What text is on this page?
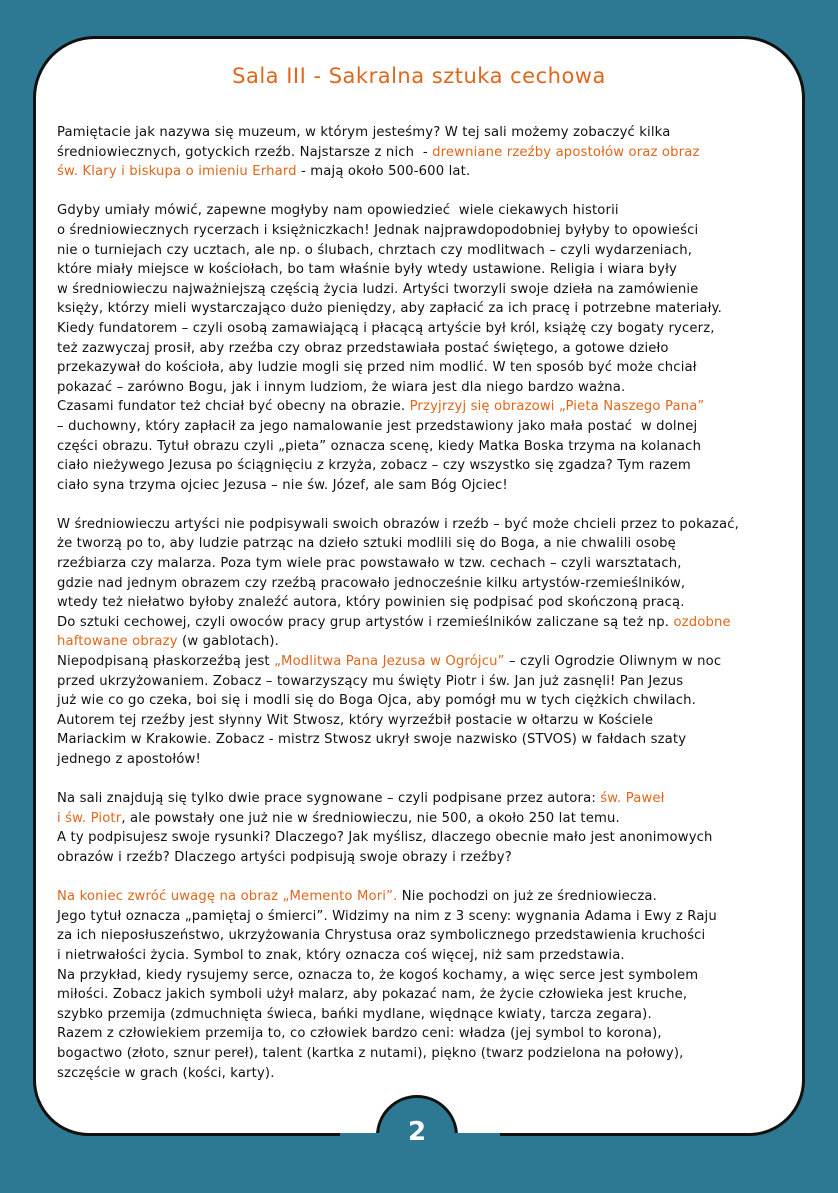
Sala III - Sakralna sztuka cechowa
Pamiętacie jak nazywa się muzeum, w którym jesteśmy? W tej sali możemy zobaczyć kilka
średniowiecznych, gotyckich rzeźb. Najstarsze z nich  - drewniane rzeźby apostołów oraz obraz
św. Klary i biskupa o imieniu Erhard - mają około 500-600 lat.
Gdyby umiały mówić, zapewne mogłyby nam opowiedzieć  wiele ciekawych historii
o średniowiecznych rycerzach i księżniczkach! Jednak najprawdopodobniej byłyby to opowieści
nie o turniejach czy ucztach, ale np. o ślubach, chrztach czy modlitwach – czyli wydarzeniach,
które miały miejsce w kościołach, bo tam właśnie były wtedy ustawione. Religia i wiara były
w średniowieczu najważniejszą częścią życia ludzi. Artyści tworzyli swoje dzieła na zamówienie
księży, którzy mieli wystarczająco dużo pieniędzy, aby zapłacić za ich pracę i potrzebne materiały.
Kiedy fundatorem – czyli osobą zamawiającą i płacącą artyście był król, książę czy bogaty rycerz,
też zazwyczaj prosił, aby rzeźba czy obraz przedstawiała postać świętego, a gotowe dzieło
przekazywał do kościoła, aby ludzie mogli się przed nim modlić. W ten sposób być może chciał
pokazać – zarówno Bogu, jak i innym ludziom, że wiara jest dla niego bardzo ważna.
Czasami fundator też chciał być obecny na obrazie. Przyjrzyj się obrazowi „Pieta Naszego Pana”
– duchowny, który zapłacił za jego namalowanie jest przedstawiony jako mała postać  w dolnej
części obrazu. Tytuł obrazu czyli „pieta” oznacza scenę, kiedy Matka Boska trzyma na kolanach
ciało nieżywego Jezusa po ściągnięciu z krzyża, zobacz – czy wszystko się zgadza? Tym razem
ciało syna trzyma ojciec Jezusa – nie św. Józef, ale sam Bóg Ojciec!
W średniowieczu artyści nie podpisywali swoich obrazów i rzeźb – być może chcieli przez to pokazać,
że tworzą po to, aby ludzie patrząc na dzieło sztuki modlili się do Boga, a nie chwalili osobę
rzeźbiarza czy malarza. Poza tym wiele prac powstawało w tzw. cechach – czyli warsztatach,
gdzie nad jednym obrazem czy rzeźbą pracowało jednocześnie kilku artystów-rzemieślników,
wtedy też niełatwo byłoby znaleźć autora, który powinien się podpisać pod skończoną pracą.
Do sztuki cechowej, czyli owoców pracy grup artystów i rzemieślników zaliczane są też np. ozdobne
haftowane obrazy (w gablotach).
Niepodpisaną płaskorzeźbą jest „Modlitwa Pana Jezusa w Ogrójcu” – czyli Ogrodzie Oliwnym w noc
przed ukrzyżowaniem. Zobacz – towarzyszący mu święty Piotr i św. Jan już zasnęli! Pan Jezus
już wie co go czeka, boi się i modli się do Boga Ojca, aby pomógł mu w tych ciężkich chwilach.
Autorem tej rzeźby jest słynny Wit Stwosz, który wyrzeźbił postacie w ołtarzu w Kościele
Mariackim w Krakowie. Zobacz - mistrz Stwosz ukrył swoje nazwisko (STVOS) w fałdach szaty
jednego z apostołów!
Na sali znajdują się tylko dwie prace sygnowane – czyli podpisane przez autora: św. Paweł
i św. Piotr, ale powstały one już nie w średniowieczu, nie 500, a około 250 lat temu.
A ty podpisujesz swoje rysunki? Dlaczego? Jak myślisz, dlaczego obecnie mało jest anonimowych
obrazów i rzeźb? Dlaczego artyści podpisują swoje obrazy i rzeźby?
Na koniec zwróć uwagę na obraz „Memento Mori”. Nie pochodzi on już ze średniowiecza.
Jego tytuł oznacza „pamiętaj o śmierci”. Widzimy na nim z 3 sceny: wygnania Adama i Ewy z Raju
za ich nieposłuszeństwo, ukrzyżowania Chrystusa oraz symbolicznego przedstawienia kruchości
i nietrwałości życia. Symbol to znak, który oznacza coś więcej, niż sam przedstawia.
Na przykład, kiedy rysujemy serce, oznacza to, że kogoś kochamy, a więc serce jest symbolem
miłości. Zobacz jakich symboli użył malarz, aby pokazać nam, że życie człowieka jest kruche,
szybko przemija (zdmuchnięta świeca, bańki mydlane, więdnące kwiaty, tarcza zegara).
Razem z człowiekiem przemija to, co człowiek bardzo ceni: władza (jej symbol to korona),
bogactwo (złoto, sznur pereł), talent (kartka z nutami), piękno (twarz podzielona na połowy),
szczęście w grach (kości, karty).
2
